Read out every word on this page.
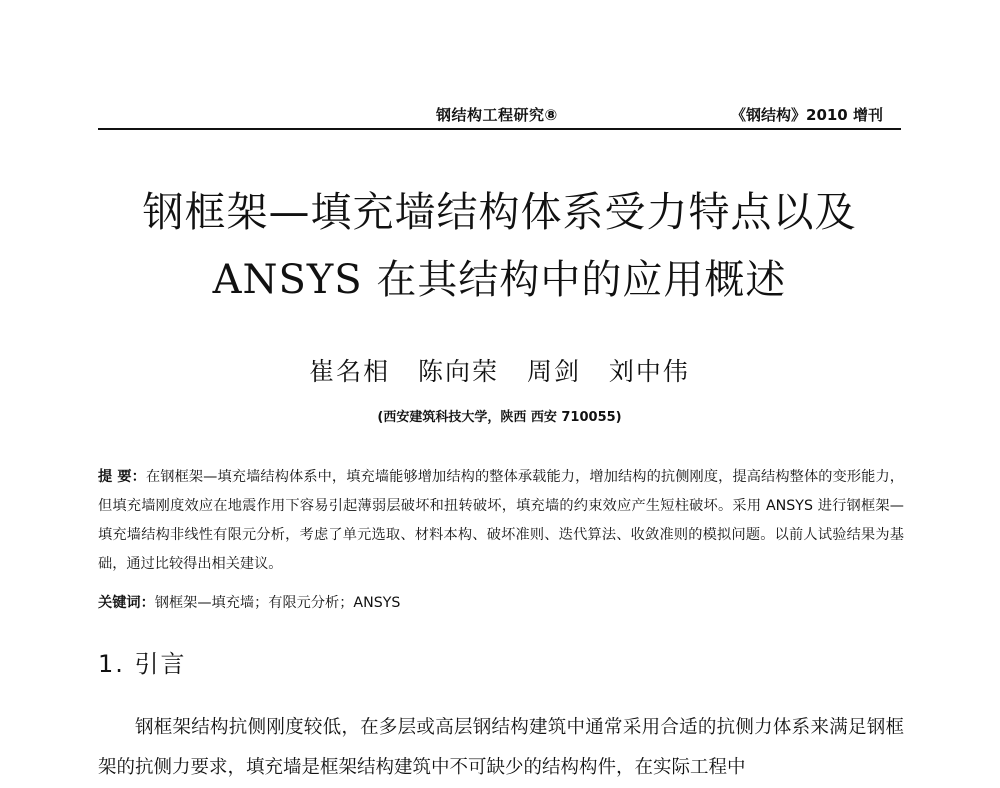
钢结构工程研究⑧	《钢结构》2010 增刊
钢框架—填充墙结构体系受力特点以及
ANSYS 在其结构中的应用概述
崔名相 陈向荣 周剑 刘中伟
(西安建筑科技大学，陕西 西安 710055)
提 要：在钢框架—填充墙结构体系中，填充墙能够增加结构的整体承载能力，增加结构的抗侧刚度，提高结构整体的变形能力，但填充墙刚度效应在地震作用下容易引起薄弱层破坏和扭转破坏，填充墙的约束效应产生短柱破坏。采用 ANSYS 进行钢框架—填充墙结构非线性有限元分析，考虑了单元选取、材料本构、破坏准则、迭代算法、收敛准则的模拟问题。以前人试验结果为基础，通过比较得出相关建议。
关键词：钢框架—填充墙；有限元分析；ANSYS
1. 引言
钢框架结构抗侧刚度较低，在多层或高层钢结构建筑中通常采用合适的抗侧力体系来满足钢框架的抗侧力要求，填充墙是框架结构建筑中不可缺少的结构构件，在实际工程中
